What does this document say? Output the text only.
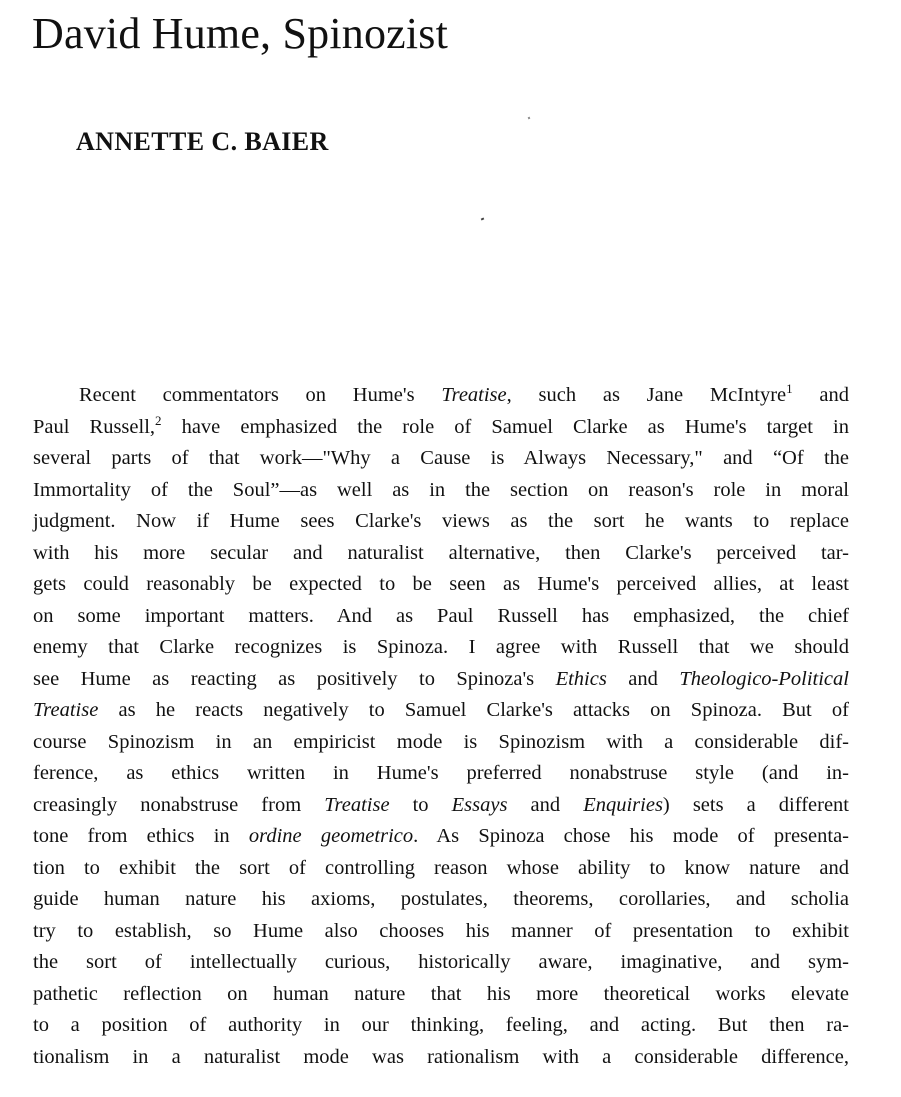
David Hume, Spinozist
ANNETTE C. BAIER
Recent commentators on Hume's Treatise, such as Jane McIntyre$^1$ and
Paul Russell,$^2$ have emphasized the role of Samuel Clarke as Hume's target in
several parts of that work—"Why a Cause is Always Necessary," and “Of the
Immortality of the Soul”—as well as in the section on reason's role in moral
judgment. Now if Hume sees Clarke's views as the sort he wants to replace
with his more secular and naturalist alternative, then Clarke's perceived tar-
gets could reasonably be expected to be seen as Hume's perceived allies, at least
on some important matters. And as Paul Russell has emphasized, the chief
enemy that Clarke recognizes is Spinoza. I agree with Russell that we should
see Hume as reacting as positively to Spinoza's Ethics and Theologico-Political
Treatise as he reacts negatively to Samuel Clarke's attacks on Spinoza. But of
course Spinozism in an empiricist mode is Spinozism with a considerable dif-
ference, as ethics written in Hume's preferred nonabstruse style (and in-
creasingly nonabstruse from Treatise to Essays and Enquiries) sets a different
tone from ethics in ordine geometrico. As Spinoza chose his mode of presenta-
tion to exhibit the sort of controlling reason whose ability to know nature and
guide human nature his axioms, postulates, theorems, corollaries, and scholia
try to establish, so Hume also chooses his manner of presentation to exhibit
the sort of intellectually curious, historically aware, imaginative, and sym-
pathetic reflection on human nature that his more theoretical works elevate
to a position of authority in our thinking, feeling, and acting. But then ra-
tionalism in a naturalist mode was rationalism with a considerable difference,
